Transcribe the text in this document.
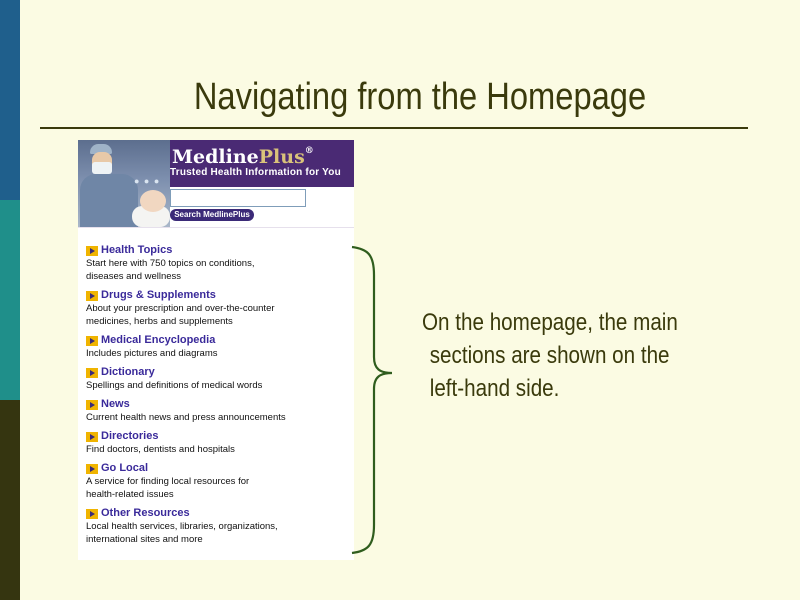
Navigating from the Homepage
● ● ●
MedlinePlus®
Trusted Health Information for You
Search MedlinePlus
Health Topics
Start here with 750 topics on conditions,
diseases and wellness
Drugs & Supplements
About your prescription and over-the-counter
medicines, herbs and supplements
Medical Encyclopedia
Includes pictures and diagrams
Dictionary
Spellings and definitions of medical words
News
Current health news and press announcements
Directories
Find doctors, dentists and hospitals
Go Local
A service for finding local resources for
health-related issues
Other Resources
Local health services, libraries, organizations,
international sites and more
On the homepage, the main
sections are shown on the
left-hand side.
